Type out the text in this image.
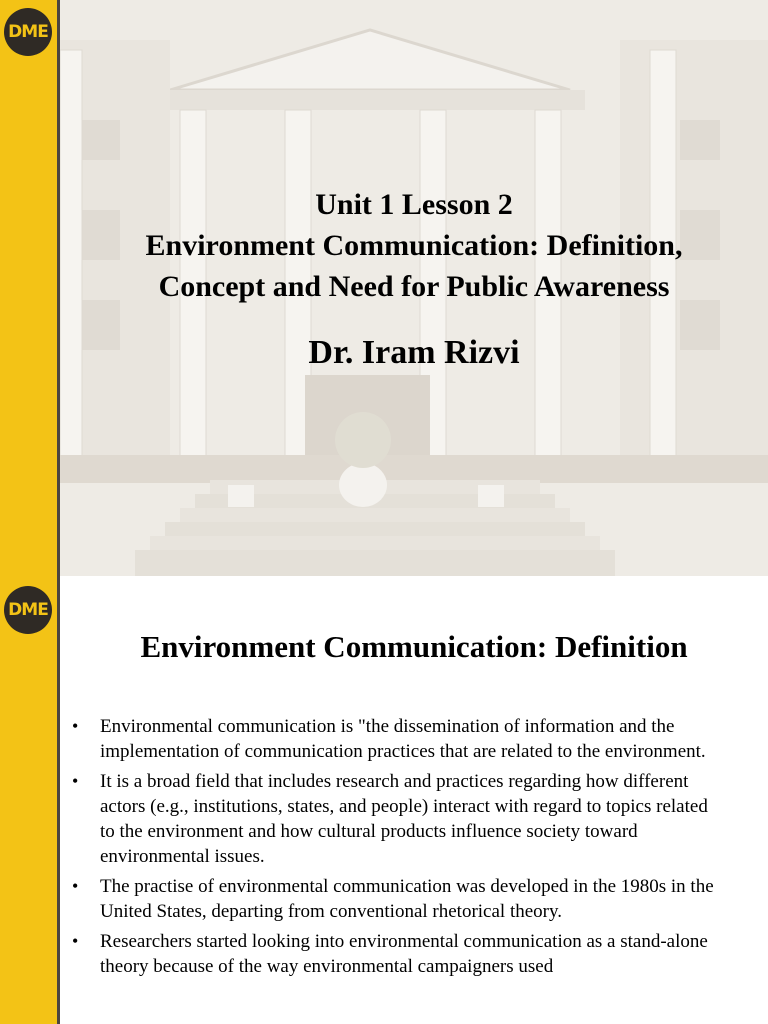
DME
Unit 1 Lesson 2
Environment Communication: Definition,
Concept and Need for Public Awareness
Dr. Iram Rizvi
DME
Environment Communication: Definition
• Environmental communication is "the dissemination of information and the implementation of communication practices that are related to the environment.
• It is a broad field that includes research and practices regarding how different actors (e.g., institutions, states, and people) interact with regard to topics related to the environment and how cultural products influence society toward environmental issues.
• The practise of environmental communication was developed in the 1980s in the United States, departing from conventional rhetorical theory.
• Researchers started looking into environmental communication as a stand-alone theory because of the way environmental campaigners used
